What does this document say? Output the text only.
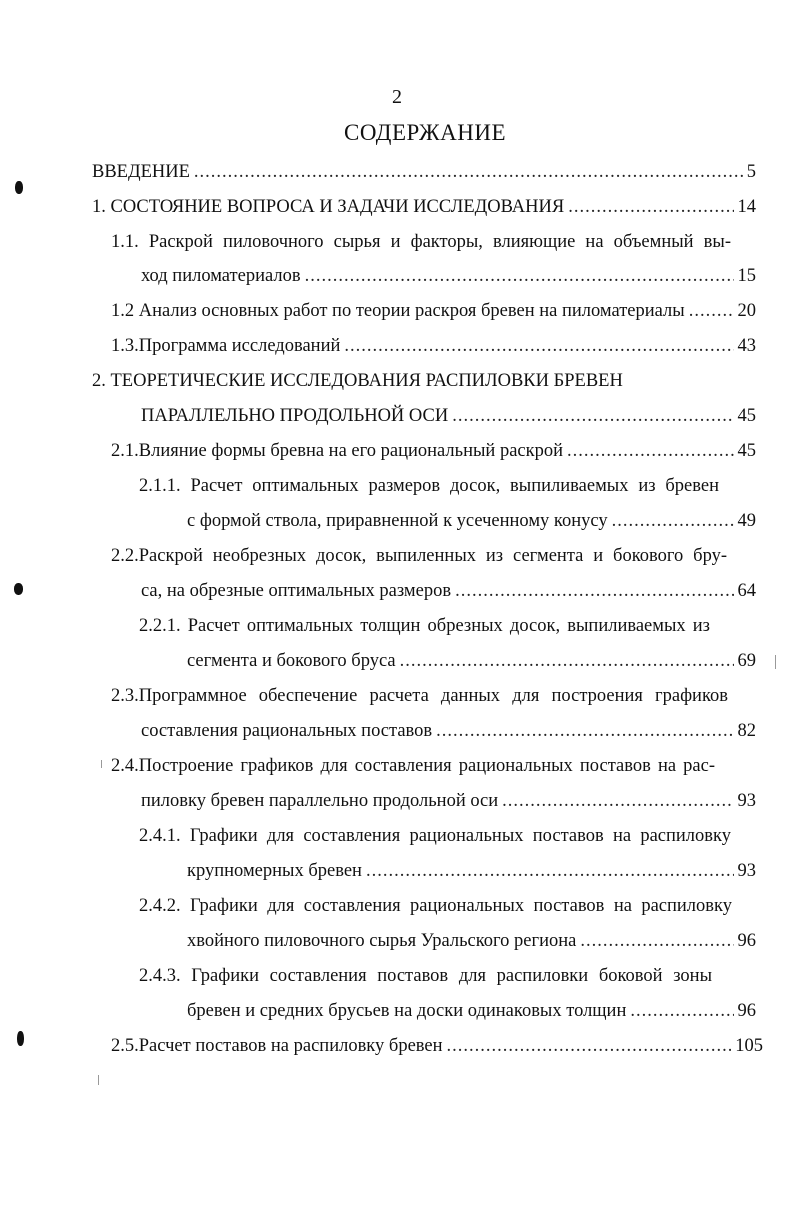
2
СОДЕРЖАНИЕ
ВВЕДЕНИЕ .....	5
1. СОСТОЯНИЕ ВОПРОСА И ЗАДАЧИ ИССЛЕДОВАНИЯ .....	14
1.1. Раскрой пиловочного сырья и факторы, влияющие на объемный вы-
ход пиломатериалов .....	15
1.2 Анализ основных работ по теории раскроя бревен на пиломатериалы .....	20
1.3.Программа исследований .....	43
2. ТЕОРЕТИЧЕСКИЕ ИССЛЕДОВАНИЯ РАСПИЛОВКИ БРЕВЕН
ПАРАЛЛЕЛЬНО ПРОДОЛЬНОЙ ОСИ .....	45
2.1.Влияние формы бревна на его рациональный раскрой .....	45
2.1.1. Расчет оптимальных размеров досок, выпиливаемых из бревен
с формой ствола, приравненной к усеченному конусу .....	49
2.2.Раскрой необрезных досок, выпиленных из сегмента и бокового бру-
са, на обрезные оптимальных размеров .....	64
2.2.1. Расчет оптимальных толщин обрезных досок, выпиливаемых из
сегмента и бокового бруса .....	69
2.3.Программное обеспечение расчета данных для построения графиков
составления рациональных поставов .....	82
2.4.Построение графиков для составления рациональных поставов на рас-
пиловку бревен параллельно продольной оси .....	93
2.4.1. Графики для составления рациональных поставов на распиловку
крупномерных бревен .....	93
2.4.2. Графики для составления рациональных поставов на распиловку
хвойного пиловочного сырья Уральского региона .....	96
2.4.3. Графики составления поставов для распиловки боковой зоны
бревен и средних брусьев на доски одинаковых толщин .....	96
2.5.Расчет поставов на распиловку бревен .....	105
